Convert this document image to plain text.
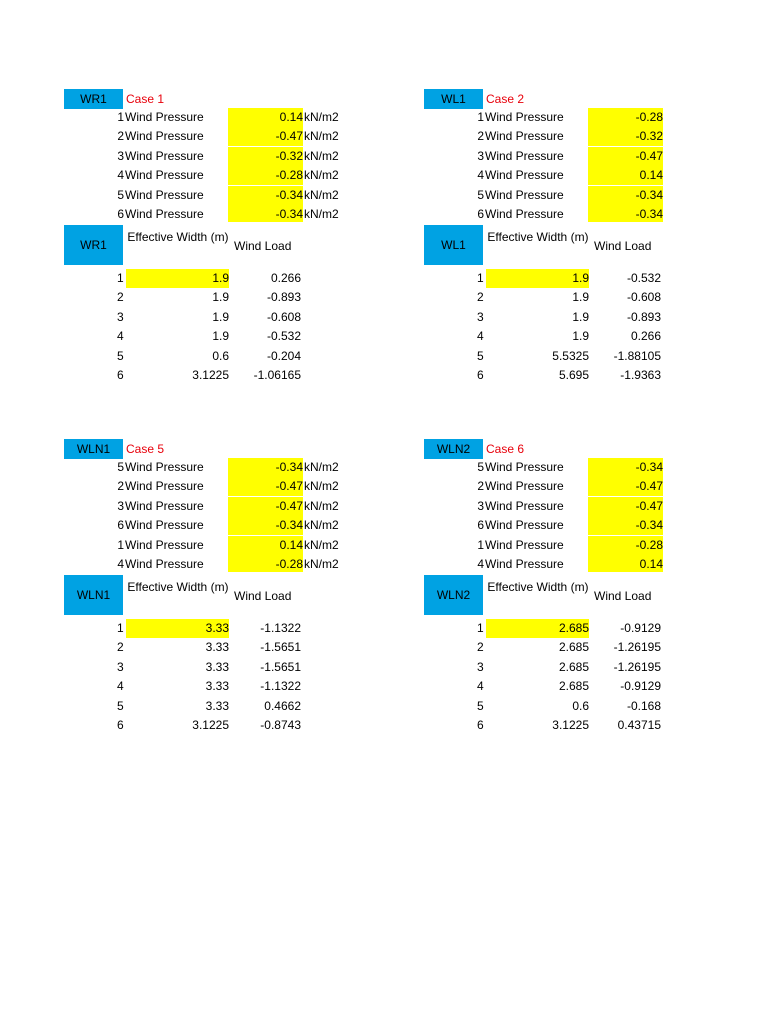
WR1	Case 1
1 Wind Pressure	0.14 kN/m2
2 Wind Pressure	-0.47 kN/m2
3 Wind Pressure	-0.32 kN/m2
4 Wind Pressure	-0.28 kN/m2
5 Wind Pressure	-0.34 kN/m2
6 Wind Pressure	-0.34 kN/m2
WR1
Effective Width (m)
Wind Load
1	1.9	0.266
2	1.9	-0.893
3	1.9	-0.608
4	1.9	-0.532
5	0.6	-0.204
6	3.1225	-1.06165
WL1	Case 2
1 Wind Pressure	-0.28
2 Wind Pressure	-0.32
3 Wind Pressure	-0.47
4 Wind Pressure	0.14
5 Wind Pressure	-0.34
6 Wind Pressure	-0.34
WL1
Effective Width (m)
Wind Load
1	1.9	-0.532
2	1.9	-0.608
3	1.9	-0.893
4	1.9	0.266
5	5.5325	-1.88105
6	5.695	-1.9363
WLN1	Case 5
5 Wind Pressure	-0.34 kN/m2
2 Wind Pressure	-0.47 kN/m2
3 Wind Pressure	-0.47 kN/m2
6 Wind Pressure	-0.34 kN/m2
1 Wind Pressure	0.14 kN/m2
4 Wind Pressure	-0.28 kN/m2
WLN1
Effective Width (m)
Wind Load
1	3.33	-1.1322
2	3.33	-1.5651
3	3.33	-1.5651
4	3.33	-1.1322
5	3.33	0.4662
6	3.1225	-0.8743
WLN2	Case 6
5 Wind Pressure	-0.34
2 Wind Pressure	-0.47
3 Wind Pressure	-0.47
6 Wind Pressure	-0.34
1 Wind Pressure	-0.28
4 Wind Pressure	0.14
WLN2
Effective Width (m)
Wind Load
1	2.685	-0.9129
2	2.685	-1.26195
3	2.685	-1.26195
4	2.685	-0.9129
5	0.6	-0.168
6	3.1225	0.43715
